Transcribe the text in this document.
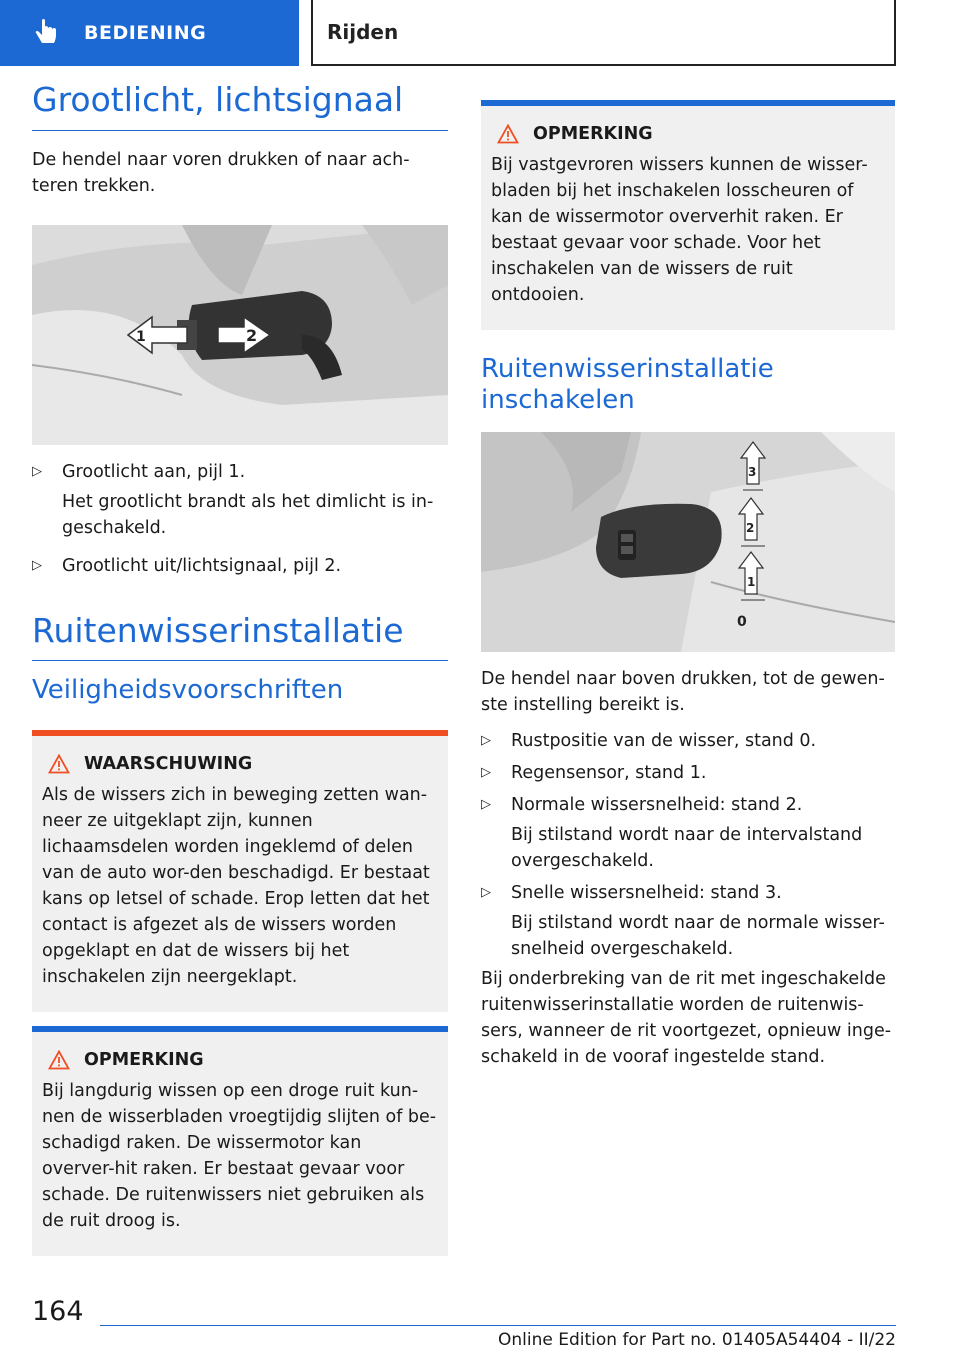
BEDIENING	Rijden
Grootlicht, lichtsignaal

De hendel naar voren drukken of naar ach-teren trekken.

1	2
▷ Grootlicht aan, pijl 1.
Het grootlicht brandt als het dimlicht is in-geschakeld.
▷ Grootlicht uit/lichtsignaal, pijl 2.
Ruitenwisserinstallatie
Veiligheidsvoorschriften
WAARSCHUWING

Als de wissers zich in beweging zetten wan-neer ze uitgeklapt zijn, kunnen lichaamsdelen worden ingeklemd of delen van de auto wor-den beschadigd. Er bestaat kans op letsel of schade. Erop letten dat het contact is afgezet als de wissers worden opgeklapt en dat de wissers bij het inschakelen zijn neergeklapt.

OPMERKING

Bij langdurig wissen op een droge ruit kun-nen de wisserbladen vroegtijdig slijten of be-schadigd raken. De wissermotor kan overver-hit raken. Er bestaat gevaar voor schade. De ruitenwissers niet gebruiken als de ruit droog is.

OPMERKING

Bij vastgevroren wissers kunnen de wisser-bladen bij het inschakelen losscheuren of kan de wissermotor oververhit raken. Er bestaat gevaar voor schade. Voor het inschakelen van de wissers de ruit ontdooien.

Ruitenwisserinstallatie inschakelen
3
2
1
0

De hendel naar boven drukken, tot de gewen-ste instelling bereikt is.

▷ Rustpositie van de wisser, stand 0.
▷ Regensensor, stand 1.
▷ Normale wissersnelheid: stand 2.
Bij stilstand wordt naar de intervalstand overgeschakeld.
▷ Snelle wissersnelheid: stand 3.
Bij stilstand wordt naar de normale wisser-snelheid overgeschakeld.

Bij onderbreking van de rit met ingeschakelde ruitenwisserinstallatie worden de ruitenwis-sers, wanneer de rit voortgezet, opnieuw inge-schakeld in de vooraf ingestelde stand.

164
Online Edition for Part no. 01405A54404 - II/22
